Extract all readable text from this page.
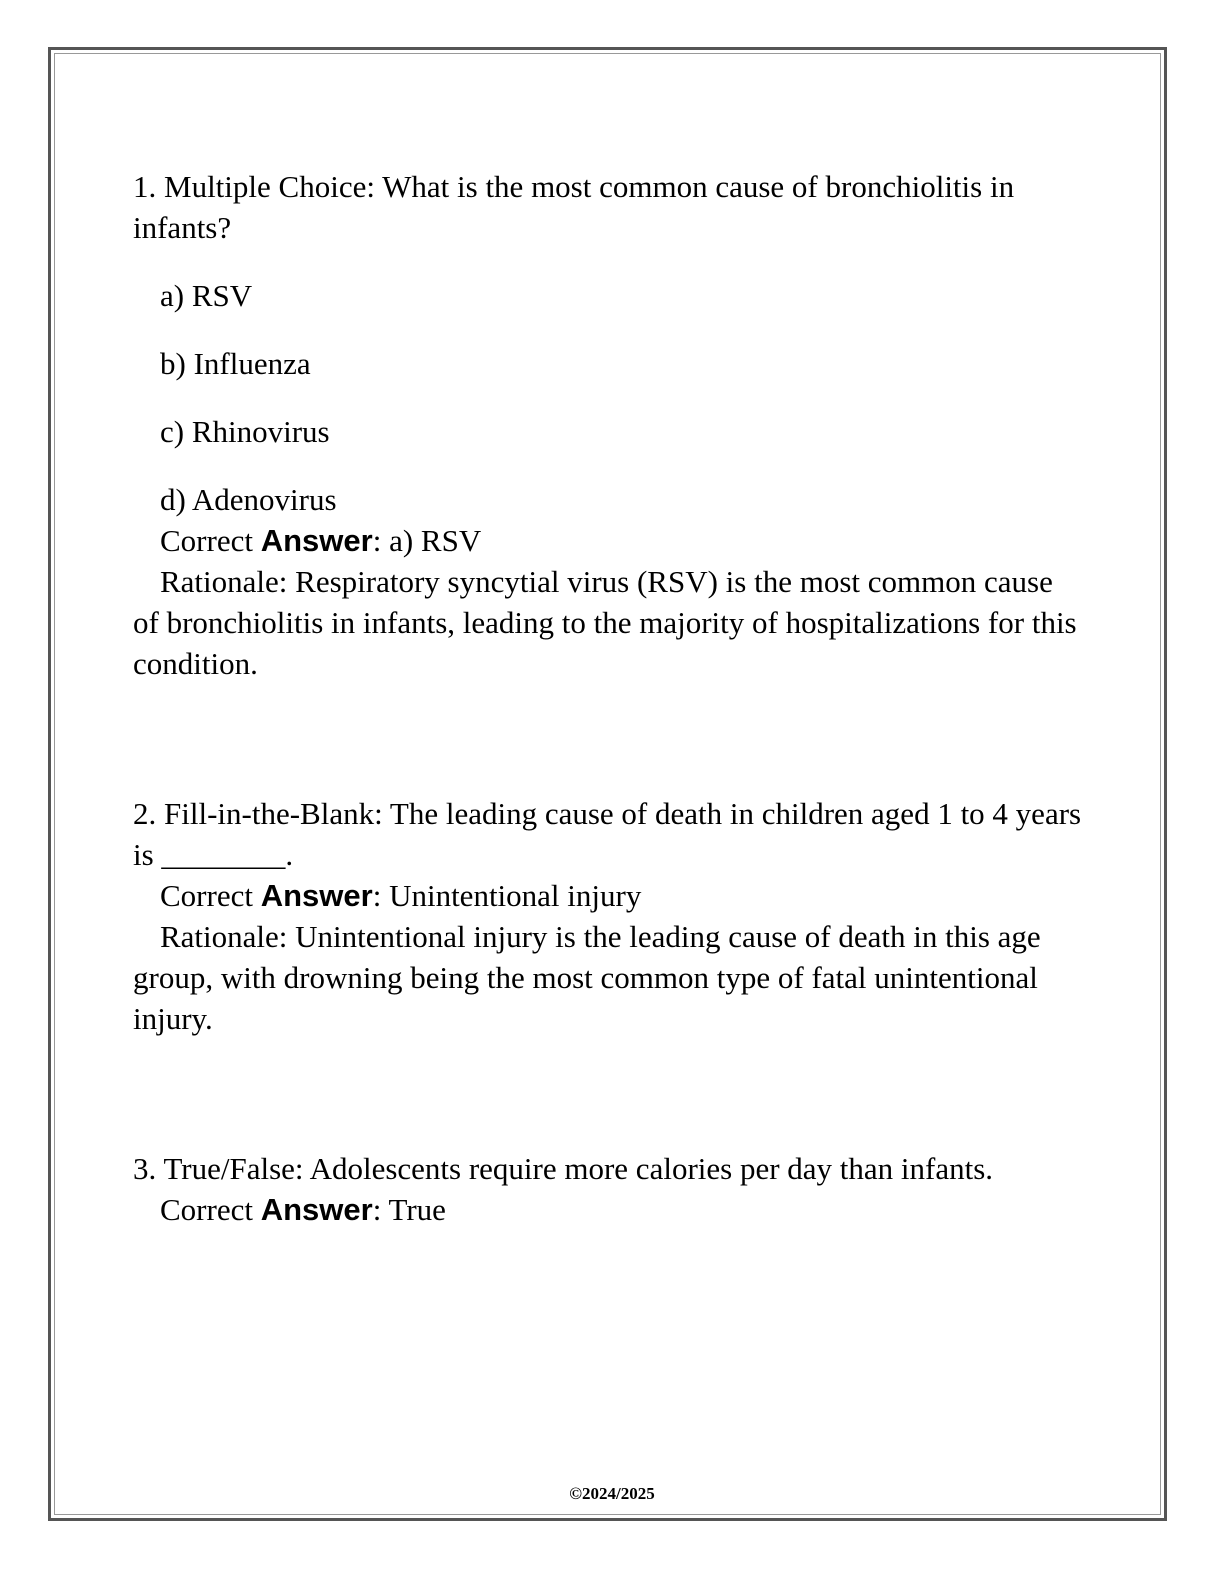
1. Multiple Choice: What is the most common cause of bronchiolitis in infants?

a) RSV

b) Influenza

c) Rhinovirus

d) Adenovirus

Correct Answer: a) RSV

Rationale: Respiratory syncytial virus (RSV) is the most common cause of bronchiolitis in infants, leading to the majority of hospitalizations for this condition.

2. Fill-in-the-Blank: The leading cause of death in children aged 1 to 4 years is ________.

Correct Answer: Unintentional injury

Rationale: Unintentional injury is the leading cause of death in this age group, with drowning being the most common type of fatal unintentional injury.

3. True/False: Adolescents require more calories per day than infants.

Correct Answer: True

©2024/2025
